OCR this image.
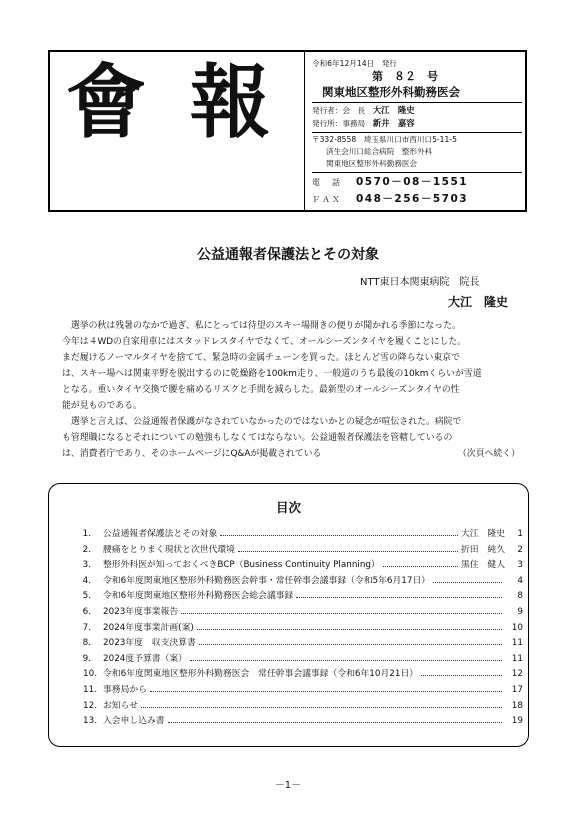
會 報	令和6年12月14日　発行
第　８２　号
関東地区整形外科勤務医会
発行者：会　長　 大江　隆史
発行所：事務局　 新井　嘉容
〒332-8558　埼玉県川口市西川口5-11-5
済生会川口総合病院　整形外科
関東地区整形外科勤務医会
電　話 0570－08－1551
ＦＡＸ 048－256－5703
公益通報者保護法とその対象
NTT東日本関東病院　院長
大江　隆史

　選挙の秋は残暑のなかで過ぎ、私にとっては待望のスキー場開きの便りが聞かれる季節になった。

今年は４WDの自家用車にはスタッドレスタイヤでなくて、オールシーズンタイヤを履くことにした。

まだ履けるノーマルタイヤを捨てて、緊急時の金属チェーンを買った。ほとんど雪の降らない東京で

は、スキー場へは関東平野を脱出するのに乾燥路を100km走り、一般道のうち最後の10kmくらいが雪道

となる。重いタイヤ交換で腰を痛めるリスクと手間を減らした。最新型のオールシーズンタイヤの性

能が見ものである。

　選挙と言えば、公益通報者保護がなされていなかったのではないかとの疑念が喧伝された。病院で

も管理職になるとそれについての勉強もしなくてはならない。公益通報者保護法を管轄しているの

は、消費者庁であり、そのホームページにQ&Aが掲載されている	（次頁へ続く）
目次
1． 公益通報者保護法とその対象	大江　隆史	1
2． 腰痛をとりまく現状と次世代環境	折田　純久	2
3． 整形外科医が知っておくべきBCP（Business Continuity Planning）	黒住　健人	3
4． 令和6年度関東地区整形外科勤務医会幹事・常任幹事会議事録（令和5年6月17日）	4
5． 令和6年度関東地区整形外科勤務医会総会議事録	8
6． 2023年度事業報告	9
7． 2024年度事業計画(案)	10
8． 2023年度　収支決算書	11
9． 2024度予算書（案）	11
10. 令和6年度関東地区整形外科勤務医会　常任幹事会議事録（令和6年10月21日）	12
11. 事務局から	17
12. お知らせ	18
13. 入会申し込み書	19
－1－
